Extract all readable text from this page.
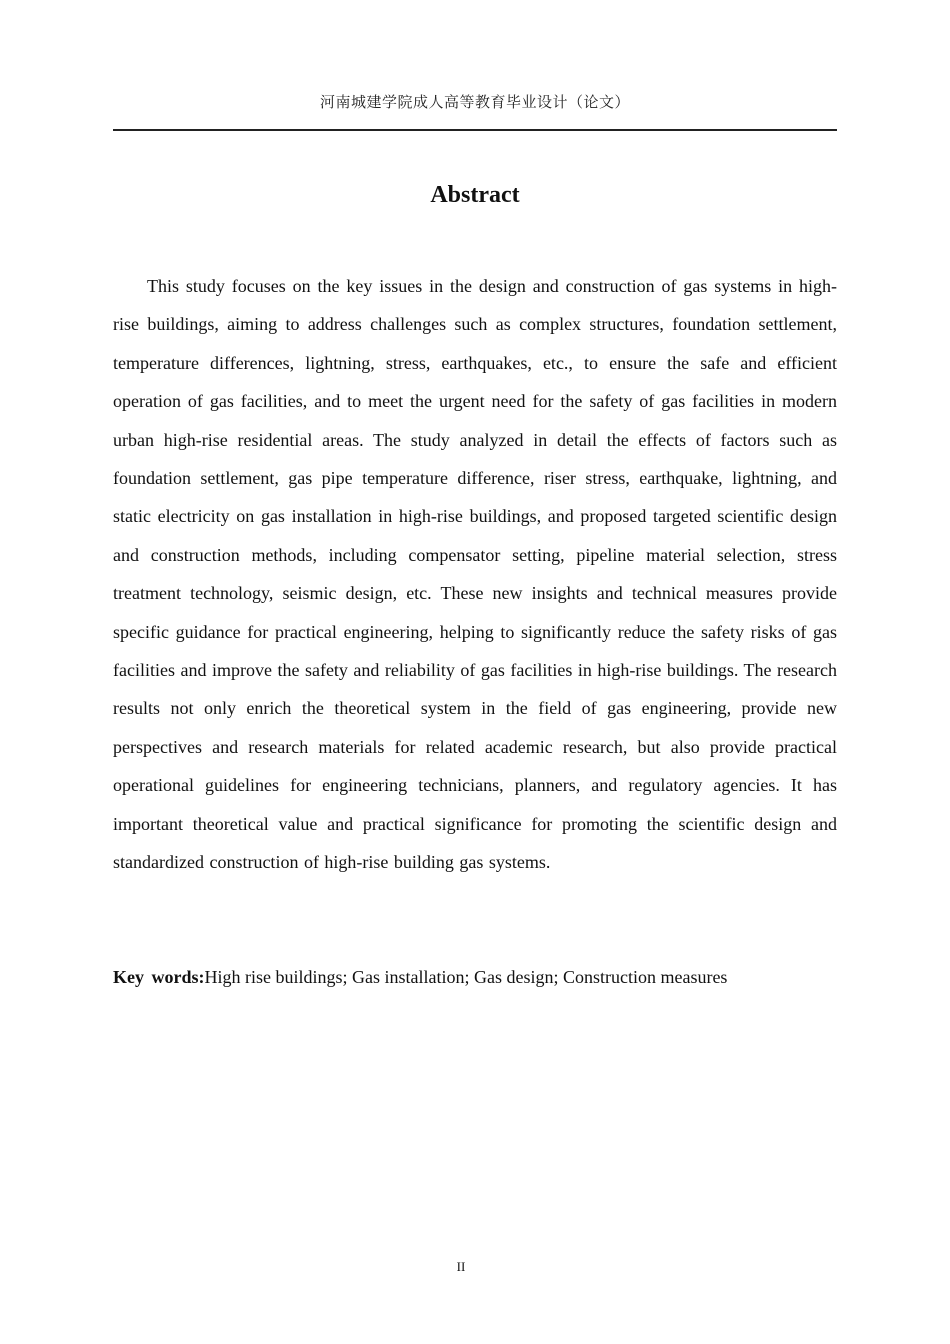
河南城建学院成人高等教育毕业设计（论文）
Abstract

This study focuses on the key issues in the design and construction of gas systems in high-rise buildings, aiming to address challenges such as complex structures, foundation settlement, temperature differences, lightning, stress, earthquakes, etc., to ensure the safe and efficient operation of gas facilities, and to meet the urgent need for the safety of gas facilities in modern urban high-rise residential areas. The study analyzed in detail the effects of factors such as foundation settlement, gas pipe temperature difference, riser stress, earthquake, lightning, and static electricity on gas installation in high-rise buildings, and proposed targeted scientific design and construction methods, including compensator setting, pipeline material selection, stress treatment technology, seismic design, etc. These new insights and technical measures provide specific guidance for practical engineering, helping to significantly reduce the safety risks of gas facilities and improve the safety and reliability of gas facilities in high-rise buildings. The research results not only enrich the theoretical system in the field of gas engineering, provide new perspectives and research materials for related academic research, but also provide practical operational guidelines for engineering technicians, planners, and regulatory agencies. It has important theoretical value and practical significance for promoting the scientific design and standardized construction of high-rise building gas systems.

Key words:High rise buildings; Gas installation; Gas design; Construction measures

II
